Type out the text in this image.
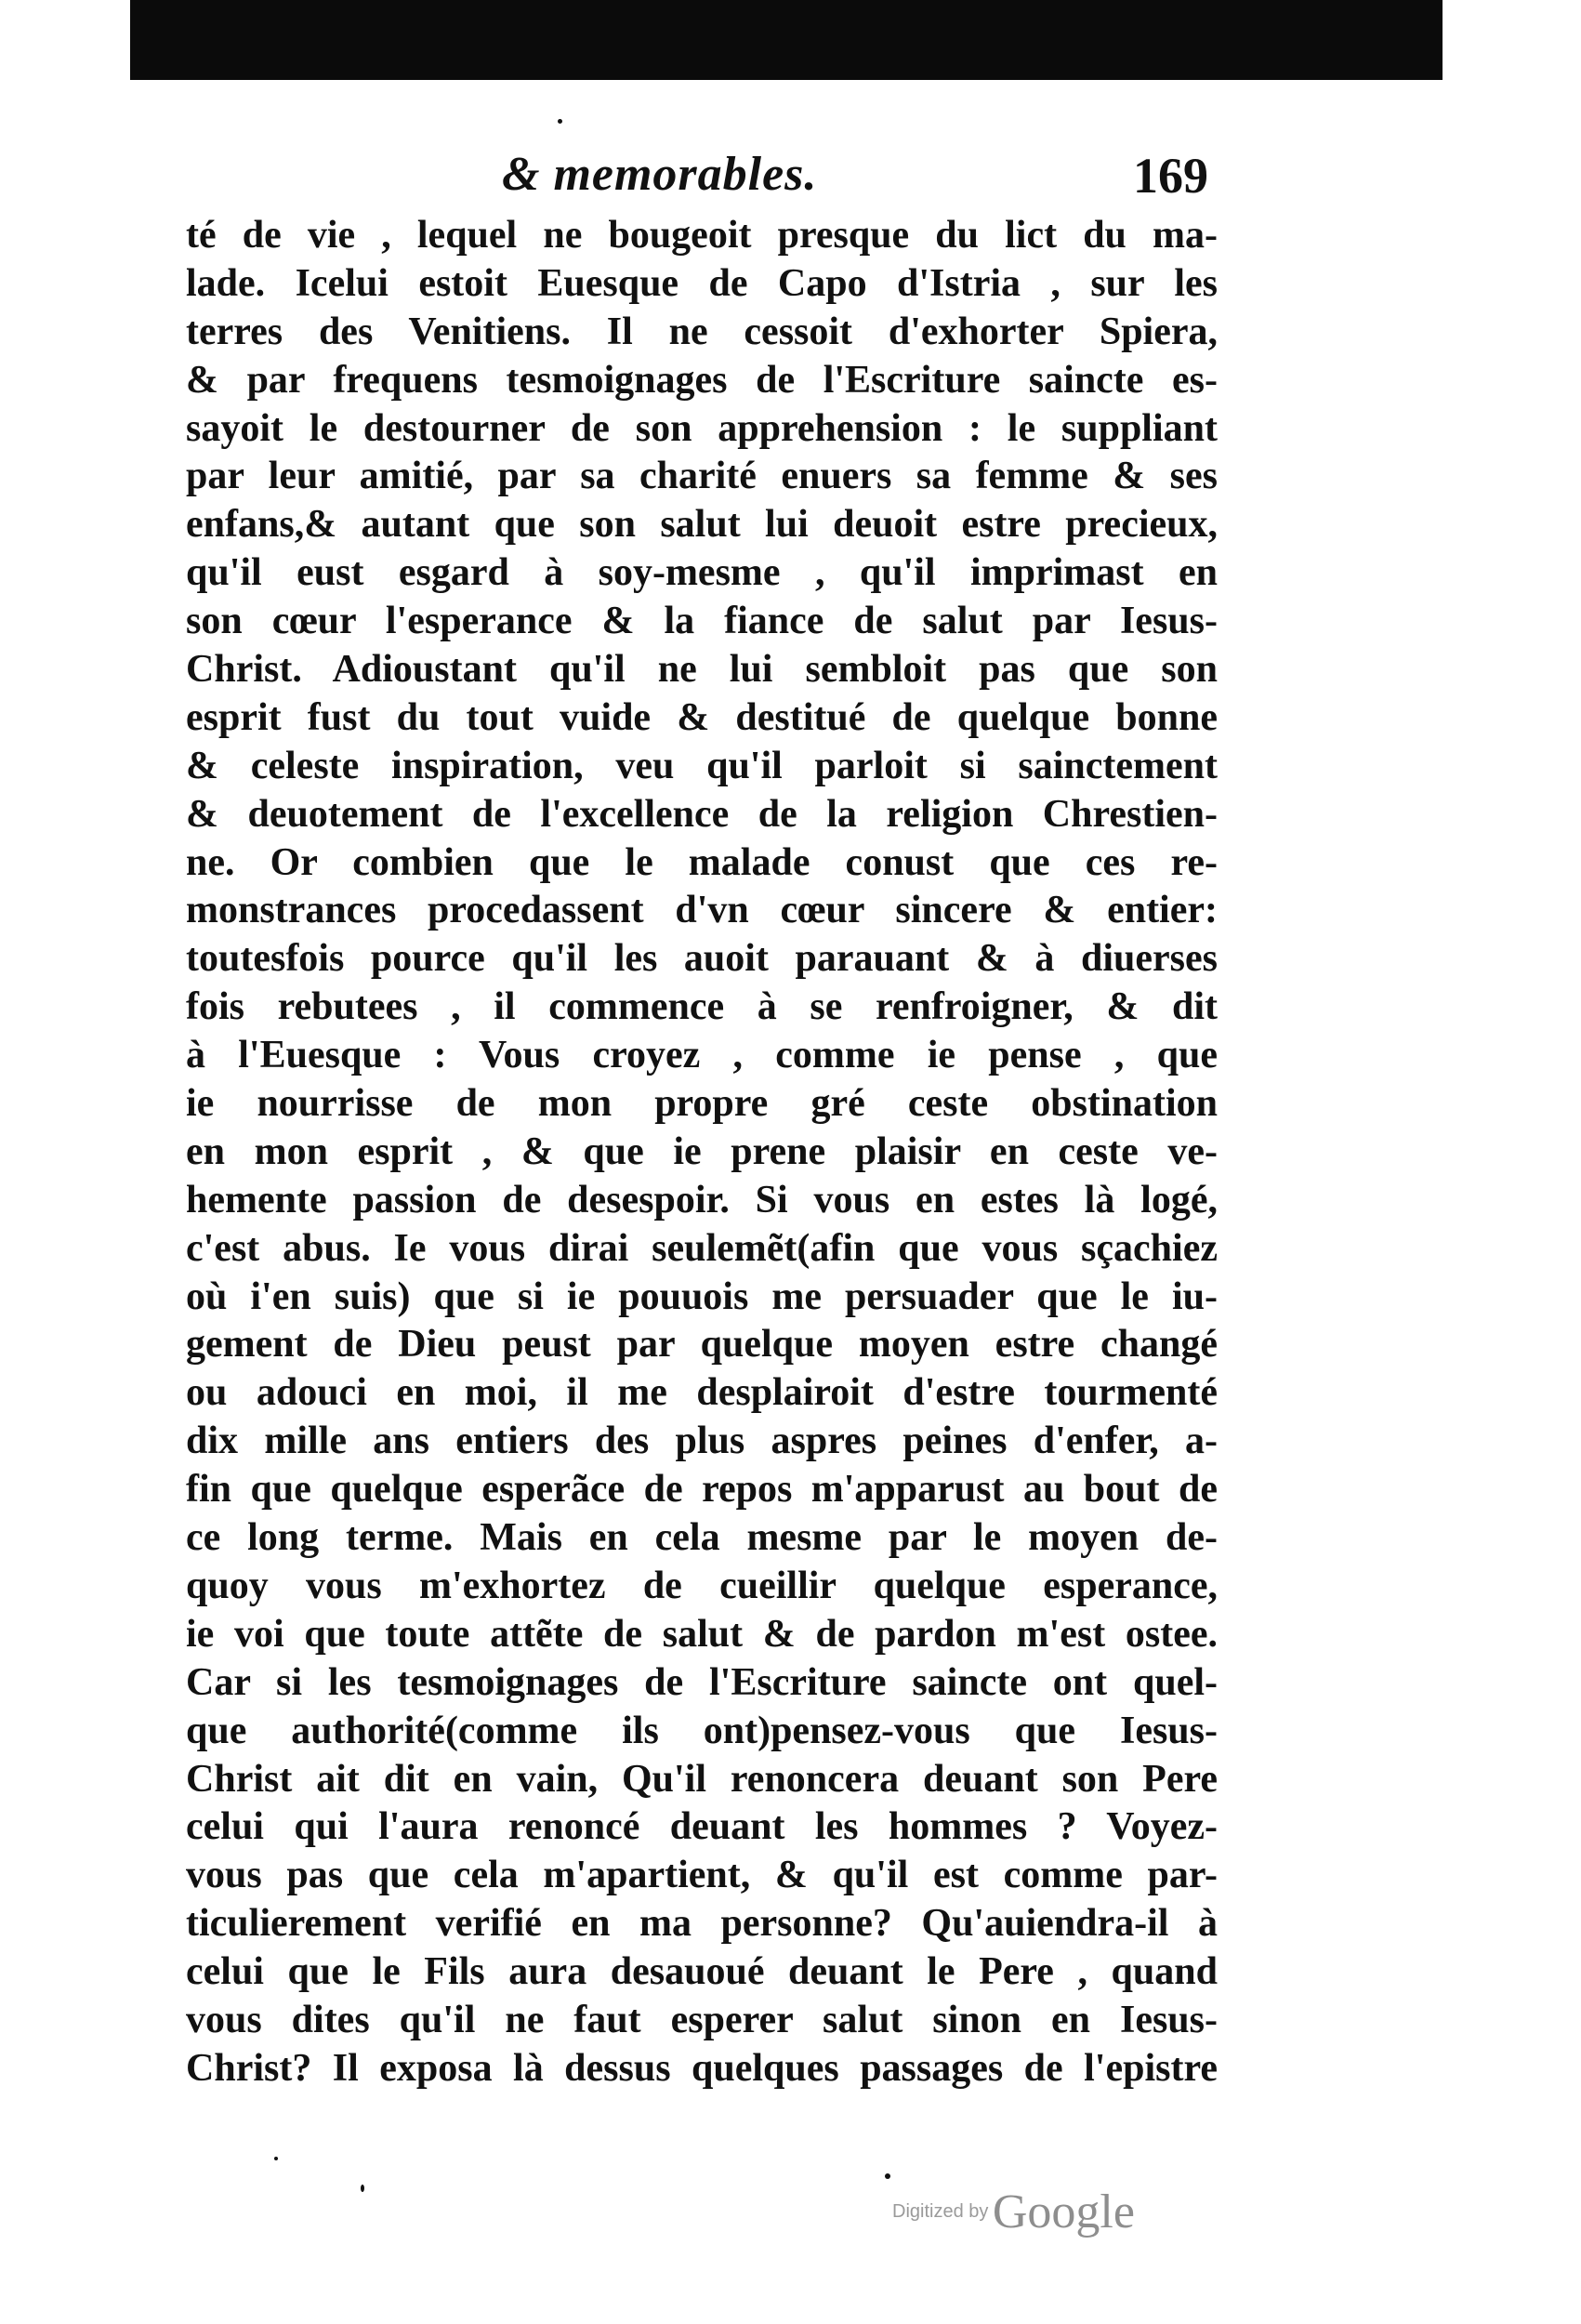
& memorables.	169
té de vie , lequel ne bougeoit presque du lict du ma-
lade. Icelui estoit Euesque de Capo d'Istria , sur les
terres des Venitiens. Il ne cessoit d'exhorter Spiera,
& par frequens tesmoignages de l'Escriture saincte es-
sayoit le destourner de son apprehension : le suppliant
par leur amitié, par sa charité enuers sa femme & ses
enfans,& autant que son salut lui deuoit estre precieux,
qu'il eust esgard à soy-mesme , qu'il imprimast en
son cœur l'esperance & la fiance de salut par Iesus-
Christ. Adioustant qu'il ne lui sembloit pas que son
esprit fust du tout vuide & destitué de quelque bonne
& celeste inspiration, veu qu'il parloit si sainctement
& deuotement de l'excellence de la religion Chrestien-
ne. Or combien que le malade conust que ces re-
monstrances procedassent d'vn cœur sincere & entier:
toutesfois pource qu'il les auoit parauant & à diuerses
fois rebutees , il commence à se renfroigner, & dit
à l'Euesque : Vous croyez , comme ie pense , que
ie nourrisse de mon propre gré ceste obstination
en mon esprit , & que ie prene plaisir en ceste ve-
hemente passion de desespoir. Si vous en estes là logé,
c'est abus. Ie vous dirai seulemẽt(afin que vous sçachiez
où i'en suis) que si ie pouuois me persuader que le iu-
gement de Dieu peust par quelque moyen estre changé
ou adouci en moi, il me desplairoit d'estre tourmenté
dix mille ans entiers des plus aspres peines d'enfer, a-
fin que quelque esperãce de repos m'apparust au bout de
ce long terme. Mais en cela mesme par le moyen de-
quoy vous m'exhortez de cueillir quelque esperance,
ie voi que toute attẽte de salut & de pardon m'est ostee.
Car si les tesmoignages de l'Escriture saincte ont quel-
que authorité(comme ils ont)pensez-vous que Iesus-
Christ ait dit en vain, Qu'il renoncera deuant son Pere
celui qui l'aura renoncé deuant les hommes ? Voyez-
vous pas que cela m'apartient, & qu'il est comme par-
ticulierement verifié en ma personne? Qu'auiendra-il à
celui que le Fils aura desauoué deuant le Pere , quand
vous dites qu'il ne faut esperer salut sinon en Iesus-
Christ? Il exposa là dessus quelques passages de l'epistre
Digitized by Google
